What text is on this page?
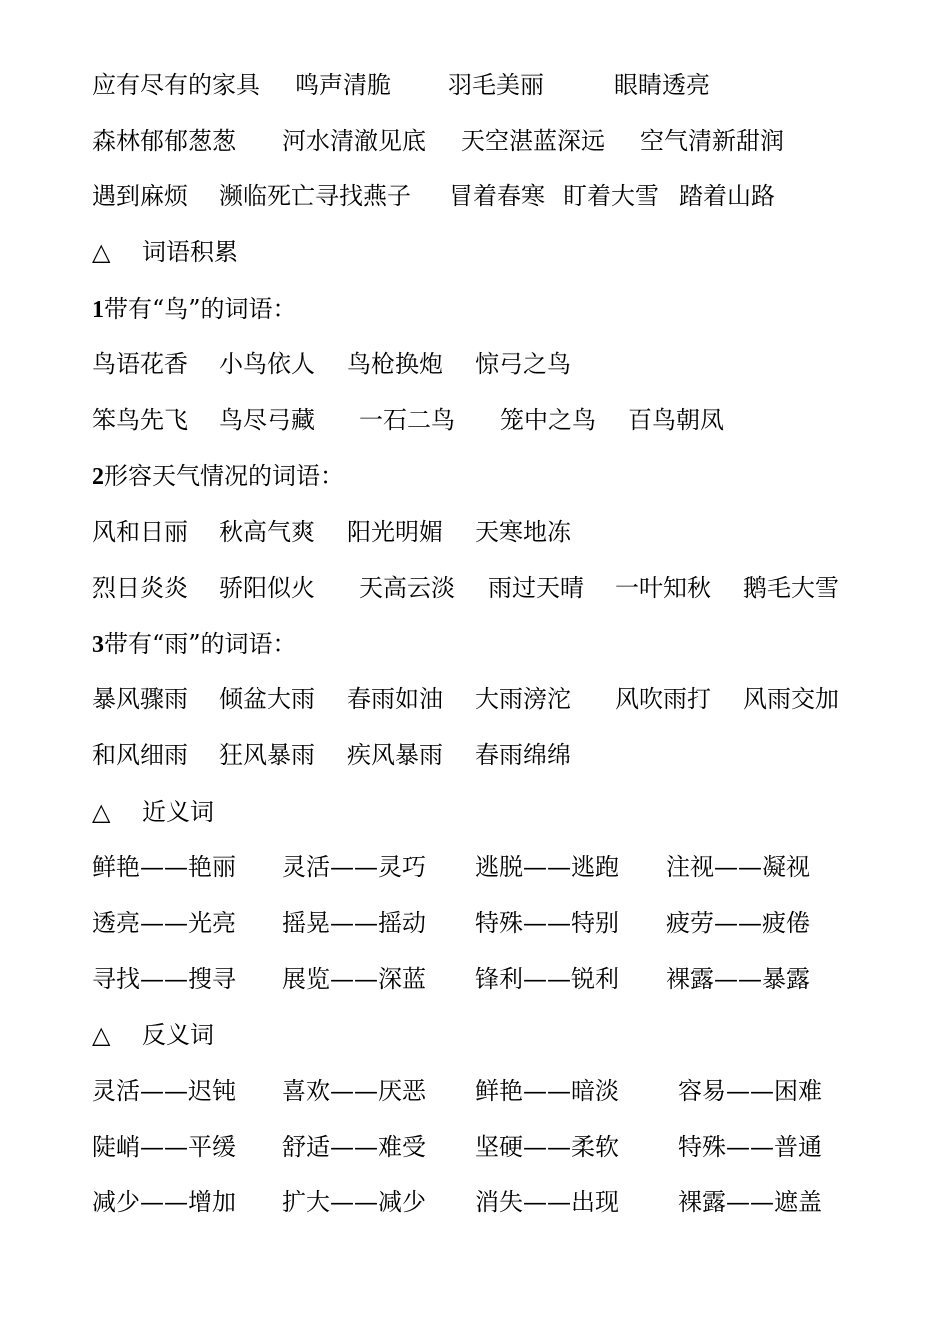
应有尽有的家具 鸣声清脆 羽毛美丽	眼睛透亮
森林郁郁葱葱 河水清澈见底 天空湛蓝深远 空气清新甜润
遇到麻烦 濒临死亡寻找燕子 冒着春寒 盯着大雪 踏着山路
△ 词语积累
1带有“鸟”的词语：
鸟语花香 小鸟依人 鸟枪换炮 惊弓之鸟
笨鸟先飞 鸟尽弓藏 一石二鸟 笼中之鸟 百鸟朝凤
2形容天气情况的词语：
风和日丽 秋高气爽 阳光明媚 天寒地冻
烈日炎炎 骄阳似火 天高云淡 雨过天晴 一叶知秋 鹅毛大雪
3带有“雨”的词语：
暴风骤雨 倾盆大雨 春雨如油 大雨滂沱 风吹雨打 风雨交加
和风细雨 狂风暴雨 疾风暴雨 春雨绵绵
△ 近义词
鲜艳——艳丽 灵活——灵巧 逃脱——逃跑 注视——凝视
透亮——光亮 摇晃——摇动 特殊——特别 疲劳——疲倦
寻找——搜寻 展览——深蓝 锋利——锐利 裸露——暴露
△ 反义词
灵活——迟钝 喜欢——厌恶 鲜艳——暗淡 容易——困难
陡峭——平缓 舒适——难受 坚硬——柔软 特殊——普通
减少——增加 扩大——减少 消失——出现 裸露——遮盖
